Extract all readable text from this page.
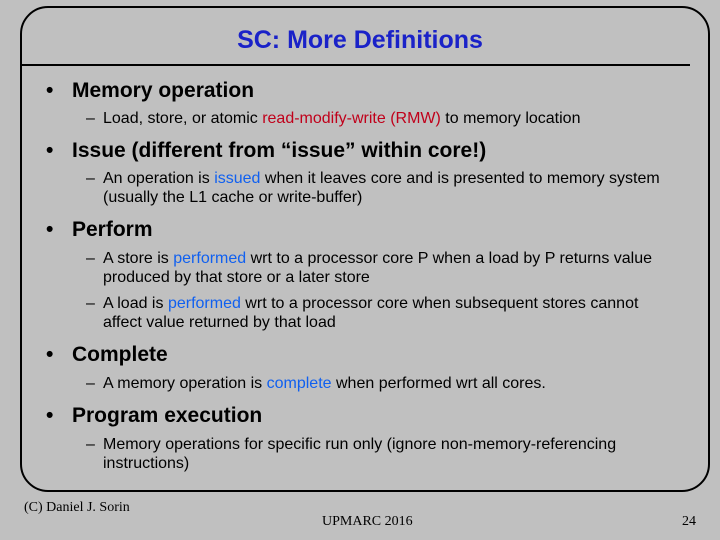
SC: More Definitions
• Memory operation
– Load, store, or atomic read-modify-write (RMW) to memory location
• Issue (different from “issue” within core!)
– An operation is issued when it leaves core and is presented to memory system (usually the L1 cache or write-buffer)
• Perform
– A store is performed wrt to a processor core P when a load by P returns value produced by that store or a later store
– A load is performed wrt to a processor core when subsequent stores cannot affect value returned by that load
• Complete
– A memory operation is complete when performed wrt all cores.
• Program execution
– Memory operations for specific run only (ignore non-memory-referencing instructions)
(C) Daniel J. Sorin
UPMARC 2016	24
